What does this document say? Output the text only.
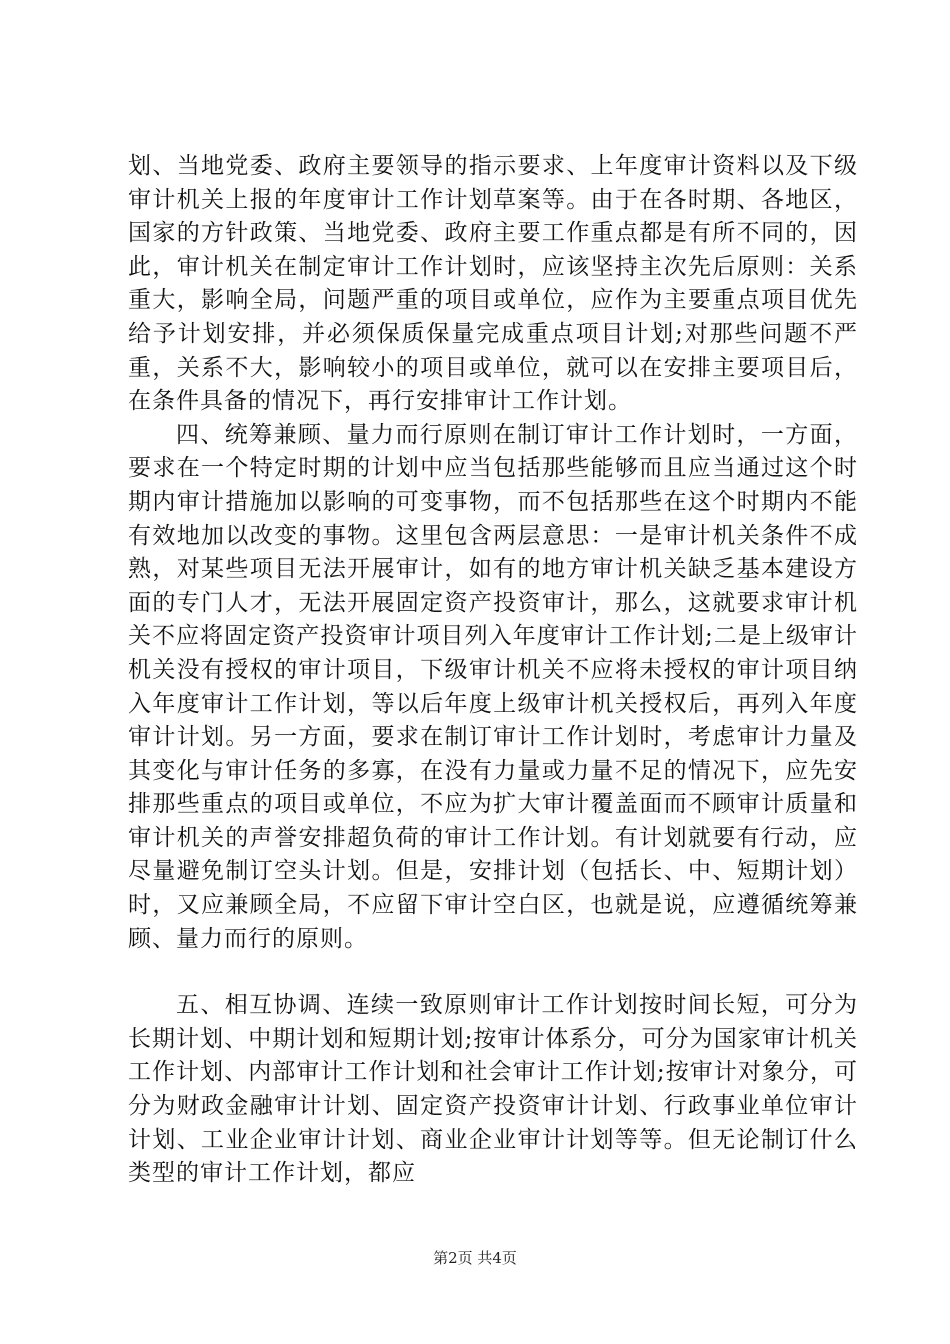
划、当地党委、政府主要领导的指示要求、上年度审计资料以及下级审计机关上报的年度审计工作计划草案等。由于在各时期、各地区，国家的方针政策、当地党委、政府主要工作重点都是有所不同的，因此，审计机关在制定审计工作计划时，应该坚持主次先后原则：关系重大，影响全局，问题严重的项目或单位，应作为主要重点项目优先给予计划安排，并必须保质保量完成重点项目计划;对那些问题不严重，关系不大，影响较小的项目或单位，就可以在安排主要项目后，在条件具备的情况下，再行安排审计工作计划。

四、统筹兼顾、量力而行原则在制订审计工作计划时，一方面，要求在一个特定时期的计划中应当包括那些能够而且应当通过这个时期内审计措施加以影响的可变事物，而不包括那些在这个时期内不能有效地加以改变的事物。这里包含两层意思：一是审计机关条件不成熟，对某些项目无法开展审计，如有的地方审计机关缺乏基本建设方面的专门人才，无法开展固定资产投资审计，那么，这就要求审计机关不应将固定资产投资审计项目列入年度审计工作计划;二是上级审计机关没有授权的审计项目，下级审计机关不应将未授权的审计项目纳入年度审计工作计划，等以后年度上级审计机关授权后，再列入年度审计计划。另一方面，要求在制订审计工作计划时，考虑审计力量及其变化与审计任务的多寡，在没有力量或力量不足的情况下，应先安排那些重点的项目或单位，不应为扩大审计覆盖面而不顾审计质量和审计机关的声誉安排超负荷的审计工作计划。有计划就要有行动，应尽量避免制订空头计划。但是，安排计划（包括长、中、短期计划）时，又应兼顾全局，不应留下审计空白区，也就是说，应遵循统筹兼顾、量力而行的原则。

五、相互协调、连续一致原则审计工作计划按时间长短，可分为长期计划、中期计划和短期计划;按审计体系分，可分为国家审计机关工作计划、内部审计工作计划和社会审计工作计划;按审计对象分，可分为财政金融审计计划、固定资产投资审计计划、行政事业单位审计计划、工业企业审计计划、商业企业审计计划等等。但无论制订什么类型的审计工作计划，都应

第2页 共4页
